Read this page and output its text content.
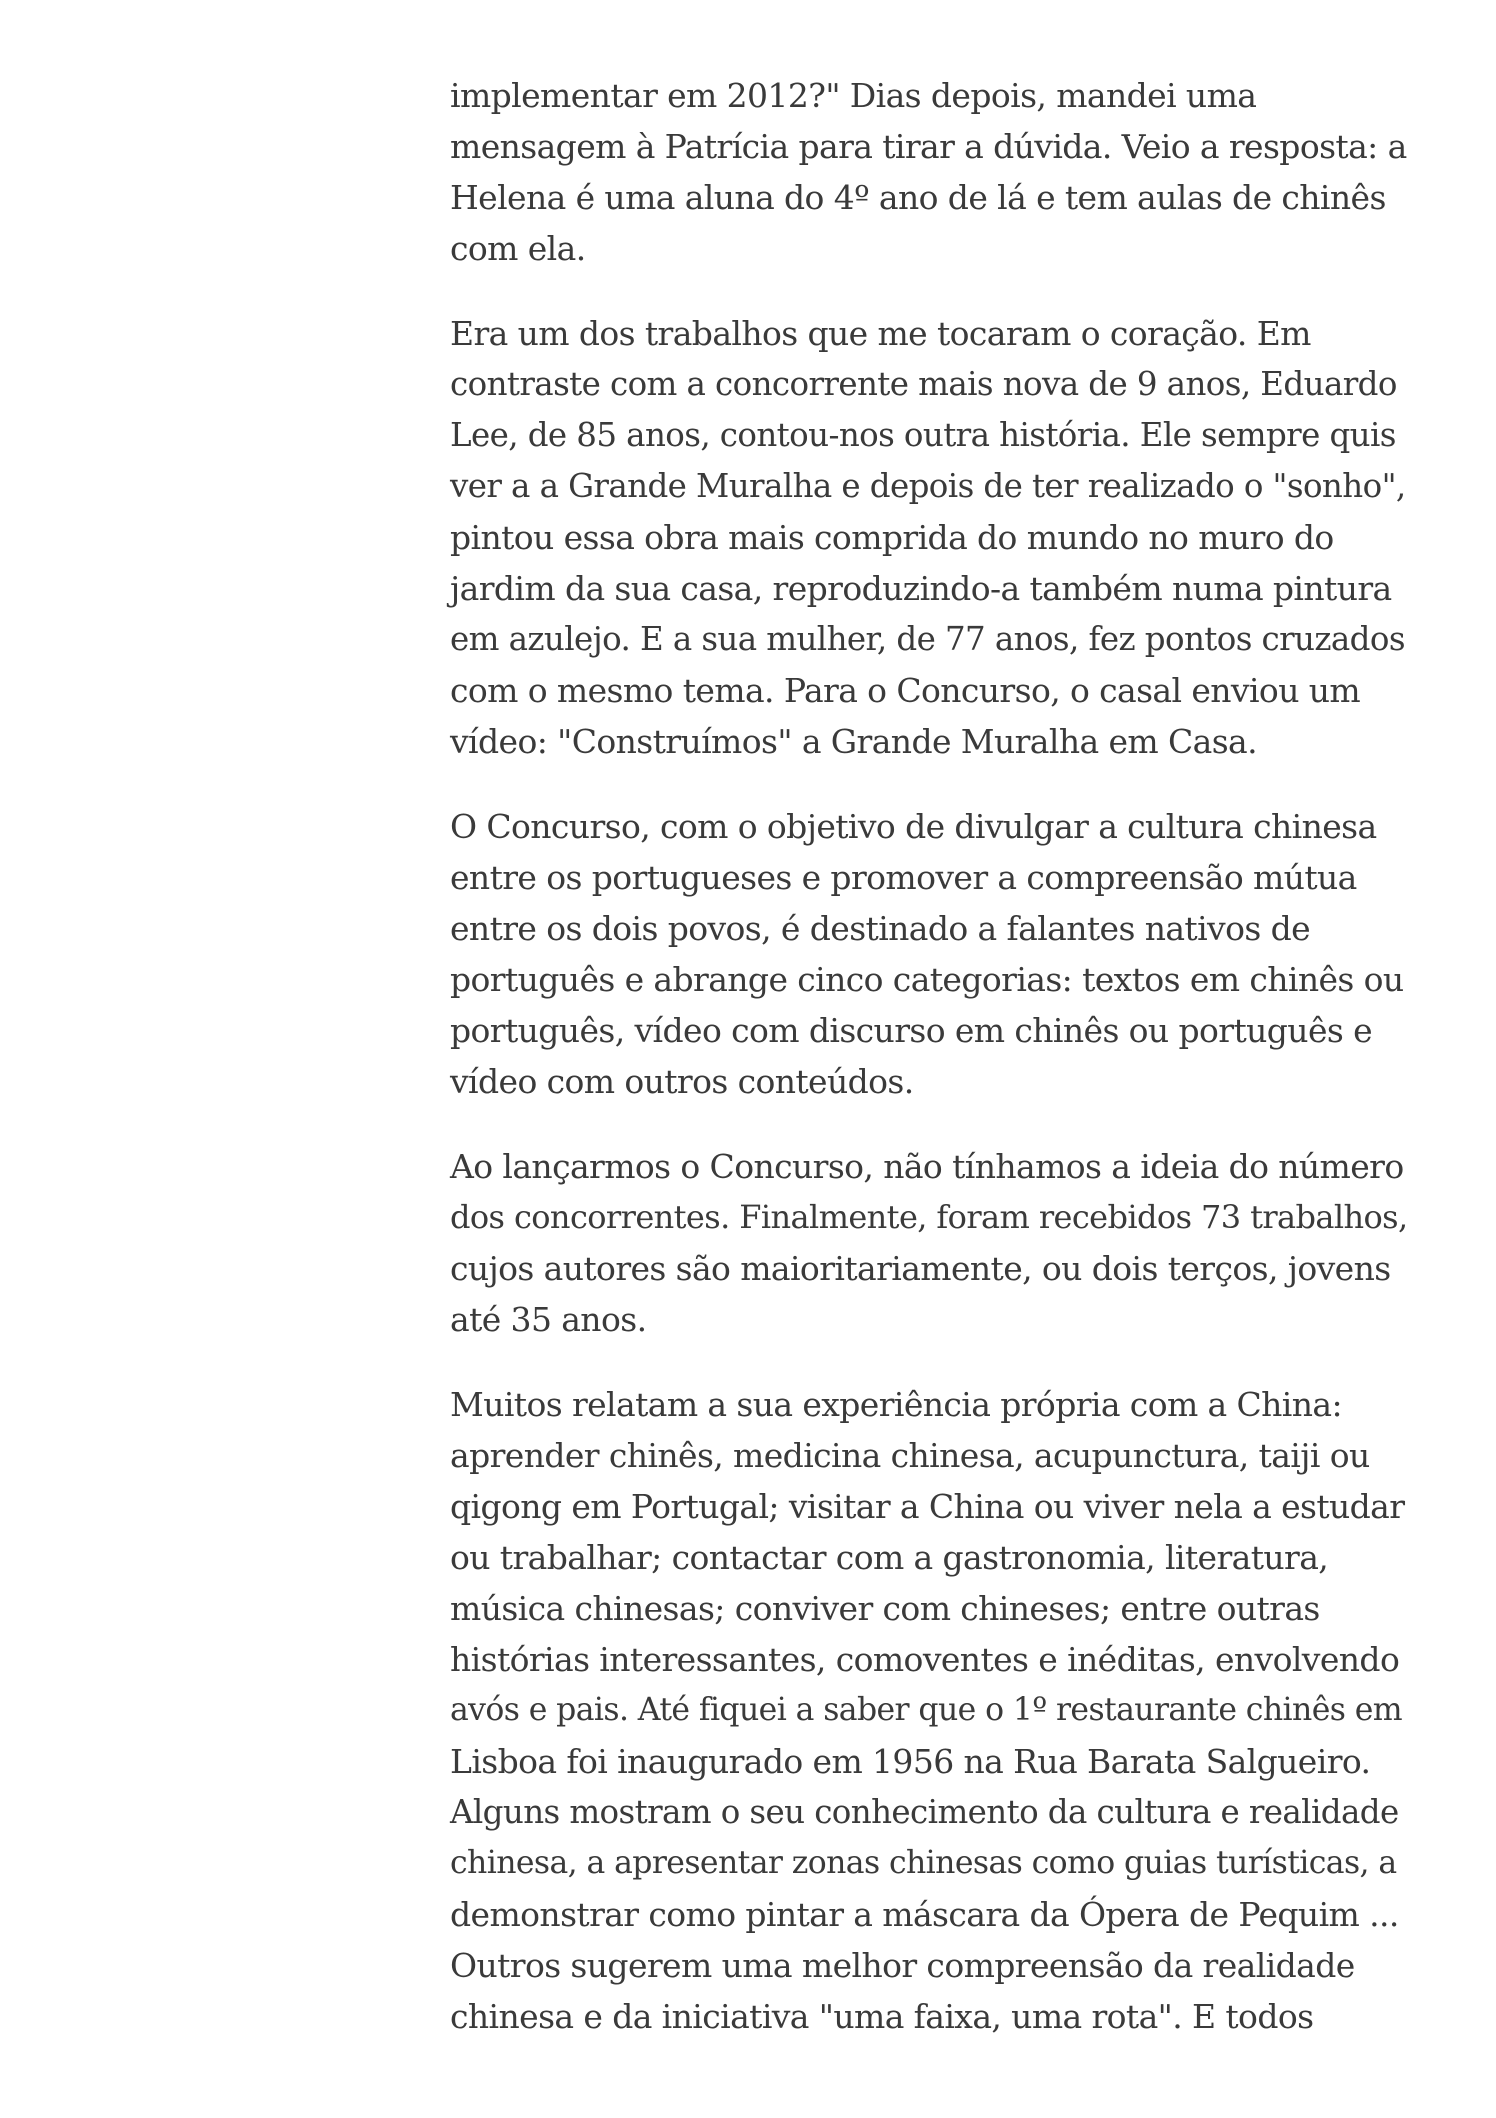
implementar em 2012?" Dias depois, mandei uma
mensagem à Patrícia para tirar a dúvida. Veio a resposta: a
Helena é uma aluna do 4º ano de lá e tem aulas de chinês
com ela.

Era um dos trabalhos que me tocaram o coração. Em
contraste com a concorrente mais nova de 9 anos, Eduardo
Lee, de 85 anos, contou-nos outra história. Ele sempre quis
ver a a Grande Muralha e depois de ter realizado o "sonho",
pintou essa obra mais comprida do mundo no muro do
jardim da sua casa, reproduzindo-a também numa pintura
em azulejo. E a sua mulher, de 77 anos, fez pontos cruzados
com o mesmo tema. Para o Concurso, o casal enviou um
vídeo: "Construímos" a Grande Muralha em Casa.

O Concurso, com o objetivo de divulgar a cultura chinesa
entre os portugueses e promover a compreensão mútua
entre os dois povos, é destinado a falantes nativos de
português e abrange cinco categorias: textos em chinês ou
português, vídeo com discurso em chinês ou português e
vídeo com outros conteúdos.

Ao lançarmos o Concurso, não tínhamos a ideia do número
dos concorrentes. Finalmente, foram recebidos 73 trabalhos,
cujos autores são maioritariamente, ou dois terços, jovens
até 35 anos.

Muitos relatam a sua experiência própria com a China:
aprender chinês, medicina chinesa, acupunctura, taiji ou
qigong em Portugal; visitar a China ou viver nela a estudar
ou trabalhar; contactar com a gastronomia, literatura,
música chinesas; conviver com chineses; entre outras
histórias interessantes, comoventes e inéditas, envolvendo
avós e pais. Até fiquei a saber que o 1º restaurante chinês em
Lisboa foi inaugurado em 1956 na Rua Barata Salgueiro.
Alguns mostram o seu conhecimento da cultura e realidade
chinesa, a apresentar zonas chinesas como guias turísticas, a
demonstrar como pintar a máscara da Ópera de Pequim ...
Outros sugerem uma melhor compreensão da realidade
chinesa e da iniciativa "uma faixa, uma rota". E todos
